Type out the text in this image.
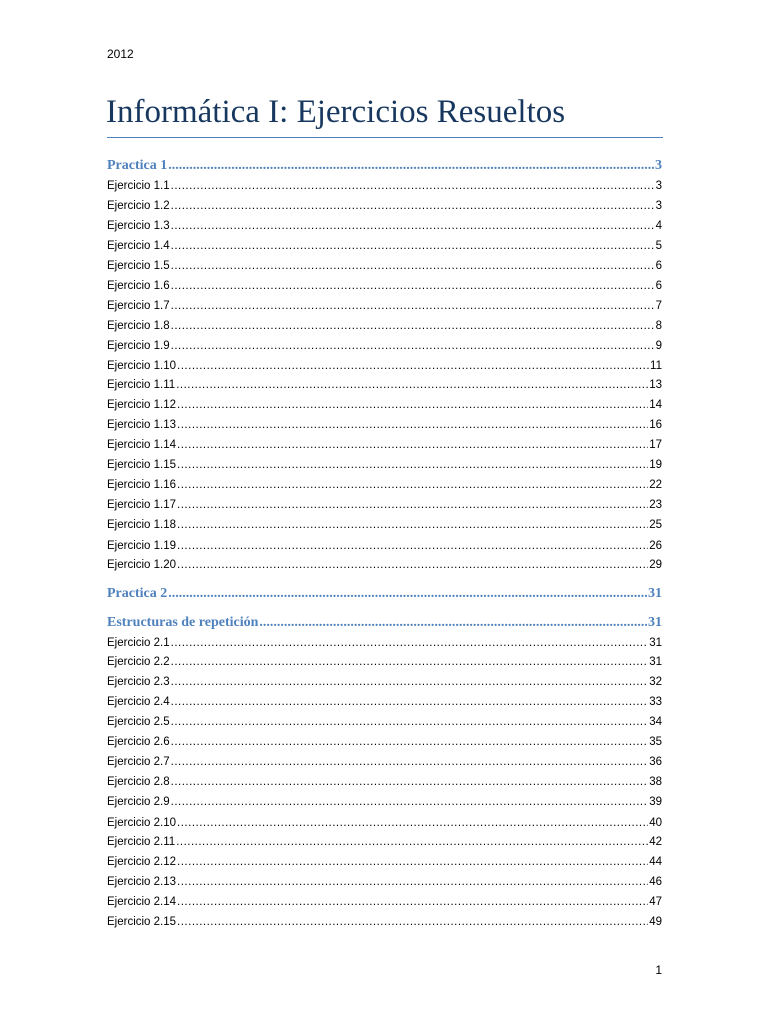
2012
Informática I: Ejercicios Resueltos
Practica 1 .....	3
Ejercicio 1.1 .....	3
Ejercicio 1.2 .....	3
Ejercicio 1.3 .....	4
Ejercicio 1.4 .....	5
Ejercicio 1.5 .....	6
Ejercicio 1.6 .....	6
Ejercicio 1.7 .....	7
Ejercicio 1.8 .....	8
Ejercicio 1.9 .....	9
Ejercicio 1.10 .....	11
Ejercicio 1.11 .....	13
Ejercicio 1.12 .....	14
Ejercicio 1.13 .....	16
Ejercicio 1.14 .....	17
Ejercicio 1.15 .....	19
Ejercicio 1.16 .....	22
Ejercicio 1.17 .....	23
Ejercicio 1.18 .....	25
Ejercicio 1.19 .....	26
Ejercicio 1.20 .....	29
Practica 2 .....	31
Estructuras de repetición .....	31
Ejercicio 2.1 .....	31
Ejercicio 2.2 .....	31
Ejercicio 2.3 .....	32
Ejercicio 2.4 .....	33
Ejercicio 2.5 .....	34
Ejercicio 2.6 .....	35
Ejercicio 2.7 .....	36
Ejercicio 2.8 .....	38
Ejercicio 2.9 .....	39
Ejercicio 2.10 .....	40
Ejercicio 2.11 .....	42
Ejercicio 2.12 .....	44
Ejercicio 2.13 .....	46
Ejercicio 2.14 .....	47
Ejercicio 2.15 .....	49
1
